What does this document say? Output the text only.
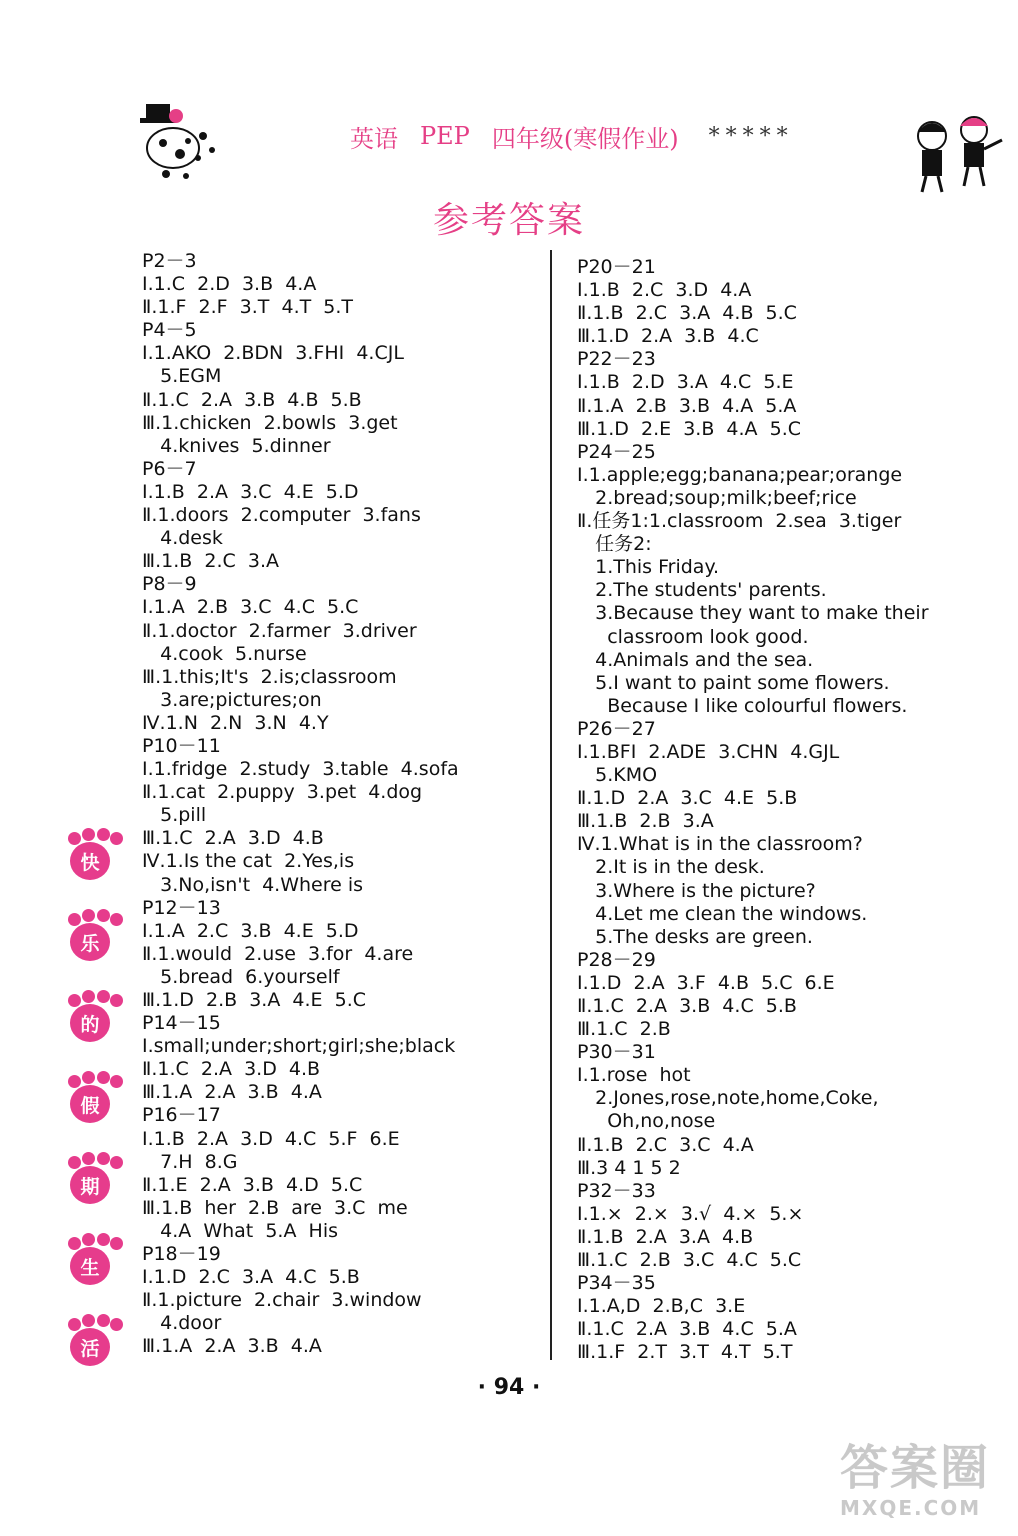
英语 PEP 四年级(寒假作业) *****
参考答案
P2－3
Ⅰ.1.C  2.D  3.B  4.A
Ⅱ.1.F  2.F  3.T  4.T  5.T
P4－5
Ⅰ.1.AKO  2.BDN  3.FHI  4.CJL
5.EGM
Ⅱ.1.C  2.A  3.B  4.B  5.B
Ⅲ.1.chicken  2.bowls  3.get
4.knives  5.dinner
P6－7
Ⅰ.1.B  2.A  3.C  4.E  5.D
Ⅱ.1.doors  2.computer  3.fans
4.desk
Ⅲ.1.B  2.C  3.A
P8－9
Ⅰ.1.A  2.B  3.C  4.C  5.C
Ⅱ.1.doctor  2.farmer  3.driver
4.cook  5.nurse
Ⅲ.1.this;It's  2.is;classroom
3.are;pictures;on
Ⅳ.1.N  2.N  3.N  4.Y
P10－11
Ⅰ.1.fridge  2.study  3.table  4.sofa
Ⅱ.1.cat  2.puppy  3.pet  4.dog
5.pill
Ⅲ.1.C  2.A  3.D  4.B
Ⅳ.1.Is the cat  2.Yes,is
3.No,isn't  4.Where is
P12－13
Ⅰ.1.A  2.C  3.B  4.E  5.D
Ⅱ.1.would  2.use  3.for  4.are
5.bread  6.yourself
Ⅲ.1.D  2.B  3.A  4.E  5.C
P14－15
Ⅰ.small;under;short;girl;she;black
Ⅱ.1.C  2.A  3.D  4.B
Ⅲ.1.A  2.A  3.B  4.A
P16－17
Ⅰ.1.B  2.A  3.D  4.C  5.F  6.E
7.H  8.G
Ⅱ.1.E  2.A  3.B  4.D  5.C
Ⅲ.1.B  her  2.B  are  3.C  me
4.A  What  5.A  His
P18－19
Ⅰ.1.D  2.C  3.A  4.C  5.B
Ⅱ.1.picture  2.chair  3.window
4.door
Ⅲ.1.A  2.A  3.B  4.A
P20－21
Ⅰ.1.B  2.C  3.D  4.A
Ⅱ.1.B  2.C  3.A  4.B  5.C
Ⅲ.1.D  2.A  3.B  4.C
P22－23
Ⅰ.1.B  2.D  3.A  4.C  5.E
Ⅱ.1.A  2.B  3.B  4.A  5.A
Ⅲ.1.D  2.E  3.B  4.A  5.C
P24－25
Ⅰ.1.apple;egg;banana;pear;orange
2.bread;soup;milk;beef;rice
Ⅱ.任务1:1.classroom  2.sea  3.tiger
任务2:
1.This Friday.
2.The students' parents.
3.Because they want to make their
classroom look good.
4.Animals and the sea.
5.I want to paint some flowers.
Because I like colourful flowers.
P26－27
Ⅰ.1.BFI  2.ADE  3.CHN  4.GJL
5.KMO
Ⅱ.1.D  2.A  3.C  4.E  5.B
Ⅲ.1.B  2.B  3.A
Ⅳ.1.What is in the classroom?
2.It is in the desk.
3.Where is the picture?
4.Let me clean the windows.
5.The desks are green.
P28－29
Ⅰ.1.D  2.A  3.F  4.B  5.C  6.E
Ⅱ.1.C  2.A  3.B  4.C  5.B
Ⅲ.1.C  2.B
P30－31
Ⅰ.1.rose  hot
2.Jones,rose,note,home,Coke,
Oh,no,nose
Ⅱ.1.B  2.C  3.C  4.A
Ⅲ.3 4 1 5 2
P32－33
Ⅰ.1.×  2.×  3.√  4.×  5.×
Ⅱ.1.B  2.A  3.A  4.B
Ⅲ.1.C  2.B  3.C  4.C  5.C
P34－35
Ⅰ.1.A,D  2.B,C  3.E
Ⅱ.1.C  2.A  3.B  4.C  5.A
Ⅲ.1.F  2.T  3.T  4.T  5.T
快
乐
的
假
期
生
活
· 94 ·
答案圈
MXQE.COM
